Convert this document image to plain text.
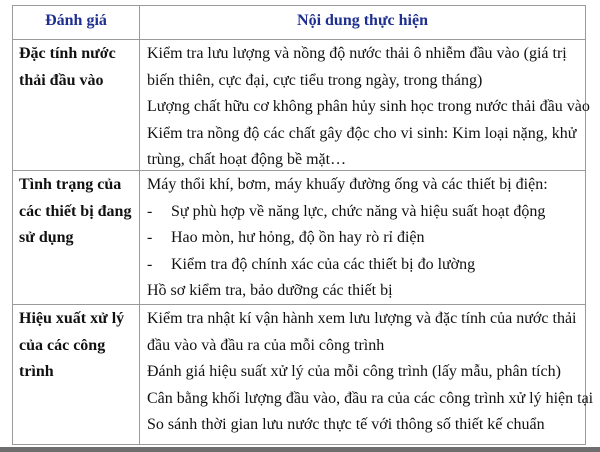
Đánh giá	Nội dung thực hiện
Đặc tính nước
thải đầu vào
Kiểm tra lưu lượng và nồng độ nước thải ô nhiễm đầu vào (giá trị
biến thiên, cực đại, cực tiểu trong ngày, trong tháng)
Lượng chất hữu cơ không phân hủy sinh học trong nước thải đầu vào
Kiểm tra nồng độ các chất gây độc cho vi sinh: Kim loại nặng, khử
trùng, chất hoạt động bề mặt…
Tình trạng của
các thiết bị đang
sử dụng
Máy thổi khí, bơm, máy khuấy đường ống và các thiết bị điện:
- Sự phù hợp về năng lực, chức năng và hiệu suất hoạt động
- Hao mòn, hư hỏng, độ ồn hay rò rỉ điện
- Kiểm tra độ chính xác của các thiết bị đo lường
Hồ sơ kiểm tra, bảo dưỡng các thiết bị
Hiệu xuất xử lý
của các công
trình
Kiểm tra nhật kí vận hành xem lưu lượng và đặc tính của nước thải
đầu vào và đầu ra của mỗi công trình
Đánh giá hiệu suất xử lý của mỗi công trình (lấy mẫu, phân tích)
Cân bằng khối lượng đầu vào, đầu ra của các công trình xử lý hiện tại
So sánh thời gian lưu nước thực tế với thông số thiết kế chuẩn
